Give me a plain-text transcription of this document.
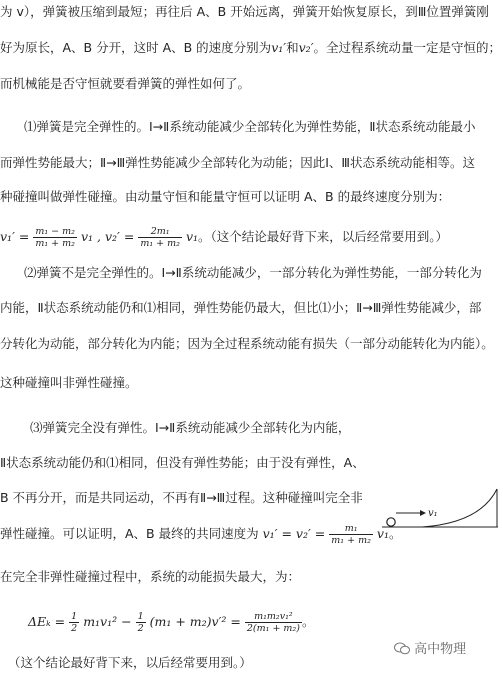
为 v），弹簧被压缩到最短；再往后 A、B 开始远离，弹簧开始恢复原长，到Ⅲ位置弹簧刚
好为原长，A、B 分开，这时 A、B 的速度分别为v₁′和v₂′。全过程系统动量一定是守恒的；
而机械能是否守恒就要看弹簧的弹性如何了。
⑴弹簧是完全弹性的。Ⅰ→Ⅱ系统动能减少全部转化为弹性势能，Ⅱ状态系统动能最小
而弹性势能最大；Ⅱ→Ⅲ弹性势能减少全部转化为动能；因此Ⅰ、Ⅲ状态系统动能相等。这
种碰撞叫做弹性碰撞。由动量守恒和能量守恒可以证明 A、B 的最终速度分别为：
$v_1' = \frac{\text{m₁ − m₂}}{\text{m₁ + m₂}} v_1$ , $v_2' = \frac{\text{2m₁}}{\text{m₁ + m₂}} v_1$。（这个结论最好背下来，以后经常要用到。）
⑵弹簧不是完全弹性的。Ⅰ→Ⅱ系统动能减少，一部分转化为弹性势能，一部分转化为
内能，Ⅱ状态系统动能仍和⑴相同，弹性势能仍最大，但比⑴小；Ⅱ→Ⅲ弹性势能减少，部
分转化为动能，部分转化为内能；因为全过程系统动能有损失（一部分动能转化为内能）。
这种碰撞叫非弹性碰撞。
⑶弹簧完全没有弹性。Ⅰ→Ⅱ系统动能减少全部转化为内能，
Ⅱ状态系统动能仍和⑴相同，但没有弹性势能；由于没有弹性，A、
B 不再分开，而是共同运动，不再有Ⅱ→Ⅲ过程。这种碰撞叫完全非
弹性碰撞。可以证明，A、B 最终的共同速度为 $v_1' = v_2' = \frac{\text{m₁}}{\text{m₁ + m₂}} v_1$。
v₁
在完全非弹性碰撞过程中，系统的动能损失最大，为：
$\Delta E_k = \frac{1}{2} m_1v_1^2 - \frac{1}{2} (m_1 + m_2)v'^2 = \frac{\text{m₁m₂v₁²}}{\text{2(m₁ + m₂)}}$ 。
（这个结论最好背下来，以后经常要用到。）
高中物理
